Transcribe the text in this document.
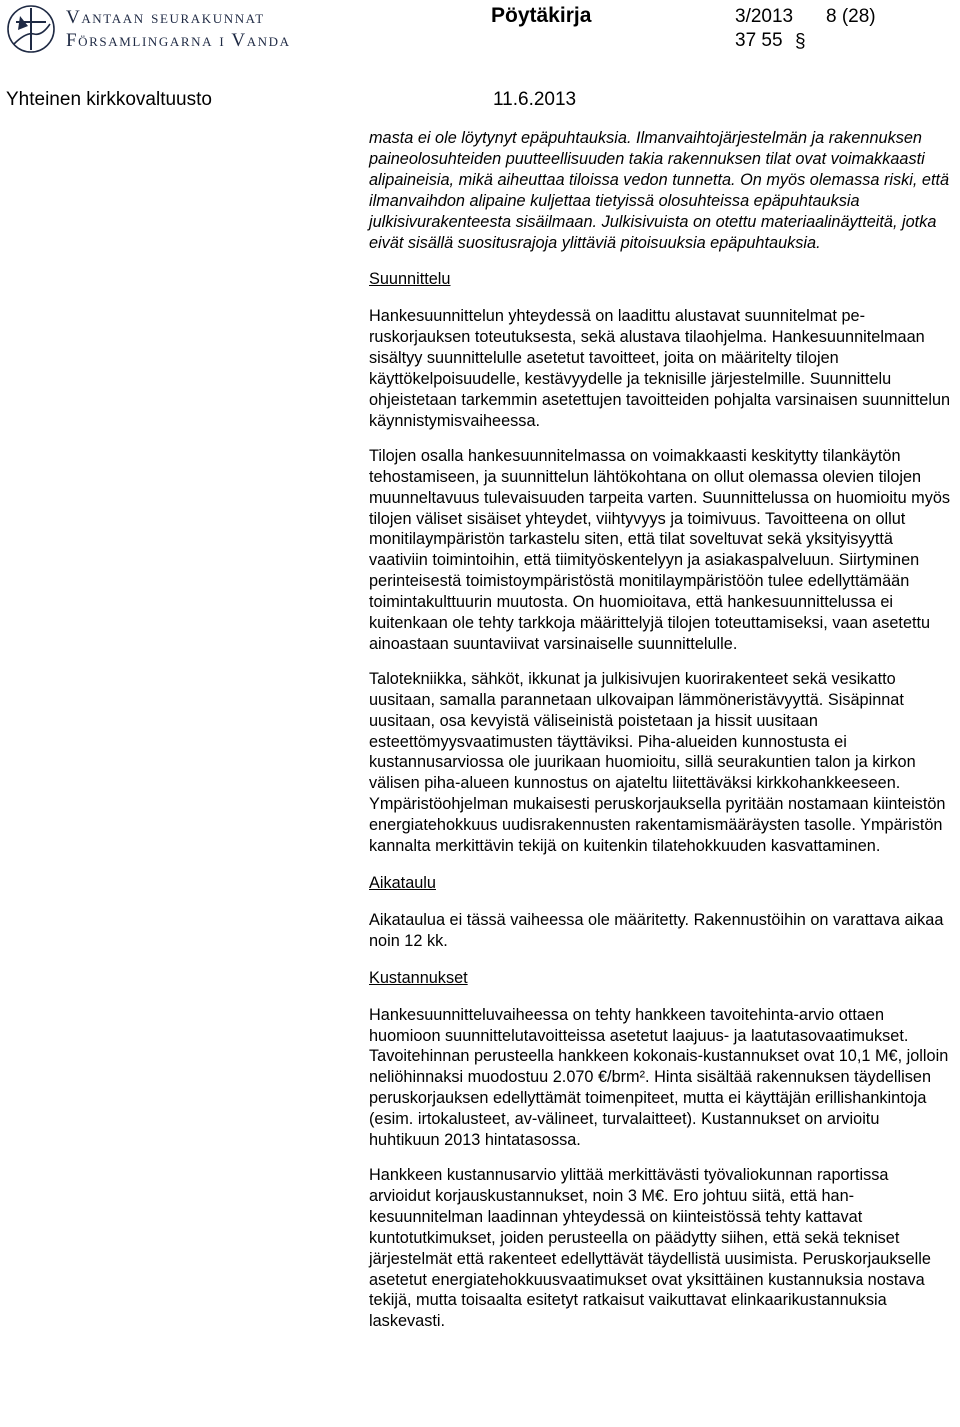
Vantaan seurakunnat
Församlingarna i Vanda
Pöytäkirja	3/2013 8 (28)
37 55 §
Yhteinen kirkkovaltuusto	11.6.2013

masta ei ole löytynyt epäpuhtauksia. Ilmanvaihtojärjestelmän ja rakennuksen paineolosuhteiden puutteellisuuden takia rakennuksen tilat ovat voimakkaasti alipaineisia, mikä aiheuttaa tiloissa vedon tunnetta. On myös olemassa riski, että ilmanvaihdon alipaine kuljettaa tietyissä olosuhteissa epäpuhtauksia julkisivurakenteesta sisäilmaan. Julkisivuista on otettu materiaalinäytteitä, jotka eivät sisällä suositusrajoja ylittäviä pitoisuuksia epäpuhtauksia.

Suunnittelu

Hankesuunnittelun yhteydessä on laadittu alustavat suunnitelmat peruskorjauksen toteutuksesta, sekä alustava tilaohjelma. Hankesuunnitelmaan sisältyy suunnittelulle asetetut tavoitteet, joita on määritelty tilojen käyttökelpoisuudelle, kestävyydelle ja teknisille järjestelmille. Suunnittelu ohjeistetaan tarkemmin asetettujen tavoitteiden pohjalta varsinaisen suunnittelun käynnistymisvaiheessa.

Tilojen osalla hankesuunnitelmassa on voimakkaasti keskitytty tilankäytön tehostamiseen, ja suunnittelun lähtökohtana on ollut olemassa olevien tilojen muunneltavuus tulevaisuuden tarpeita varten. Suunnittelussa on huomioitu myös tilojen väliset sisäiset yhteydet, viihtyvyys ja toimivuus. Tavoitteena on ollut monitilaympäristön tarkastelu siten, että tilat soveltuvat sekä yksityisyyttä vaativiin toimintoihin, että tiimityöskentelyyn ja asiakaspalveluun. Siirtyminen perinteisestä toimistoympäristöstä monitilaympäristöön tulee edellyttämään toimintakulttuurin muutosta. On huomioitava, että hankesuunnittelussa ei kuitenkaan ole tehty tarkkoja määrittelyjä tilojen toteuttamiseksi, vaan asetettu ainoastaan suuntaviivat varsinaiselle suunnittelulle.

Talotekniikka, sähköt, ikkunat ja julkisivujen kuorirakenteet sekä vesikatto uusitaan, samalla parannetaan ulkovaipan lämmöneristävyyttä. Sisäpinnat uusitaan, osa kevyistä väliseinistä poistetaan ja hissit uusitaan esteettömyysvaatimusten täyttäviksi. Piha-alueiden kunnostusta ei kustannusarviossa ole juurikaan huomioitu, sillä seurakuntien talon ja kirkon välisen piha-alueen kunnostus on ajateltu liitettäväksi kirkkohankkeeseen. Ympäristöohjelman mukaisesti peruskorjauksella pyritään nostamaan kiinteistön energiatehokkuus uudisrakennusten rakentamismääräysten tasolle. Ympäristön kannalta merkittävin tekijä on kuitenkin tilatehokkuuden kasvattaminen.

Aikataulu

Aikataulua ei tässä vaiheessa ole määritetty. Rakennustöihin on varattava aikaa noin 12 kk.

Kustannukset

Hankesuunnitteluvaiheessa on tehty hankkeen tavoitehinta-arvio ottaen huomioon suunnittelutavoitteissa asetetut laajuus- ja laatutasovaatimukset. Tavoitehinnan perusteella hankkeen kokonais-kustannukset ovat 10,1 M€, jolloin neliöhinnaksi muodostuu 2.070 €/brm². Hinta sisältää rakennuksen täydellisen peruskorjauksen edellyttämät toimenpiteet, mutta ei käyttäjän erillishankintoja (esim. irtokalusteet, av-välineet, turvalaitteet). Kustannukset on arvioitu huhtikuun 2013 hintatasossa.

Hankkeen kustannusarvio ylittää merkittävästi työvaliokunnan raportissa arvioidut korjauskustannukset, noin 3 M€. Ero johtuu siitä, että hankesuunnitelman laadinnan yhteydessä on kiinteistössä tehty kattavat kuntotutkimukset, joiden perusteella on päädytty siihen, että sekä tekniset järjestelmät että rakenteet edellyttävät täydellistä uusimista. Peruskorjaukselle asetetut energiatehokkuusvaatimukset ovat yksittäinen kustannuksia nostava tekijä, mutta toisaalta esitetyt ratkaisut vaikuttavat elinkaarikustannuksia laskevasti.
